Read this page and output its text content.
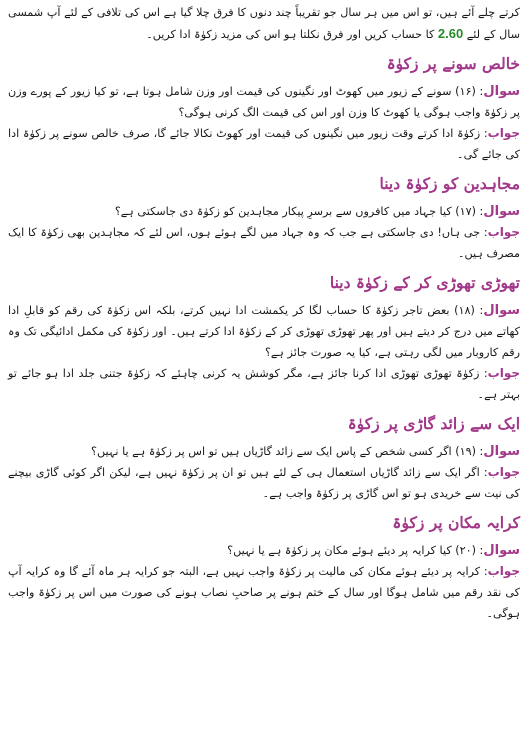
کرتے چلے آئے ہیں، تو اس میں ہر سال جو تقریباً چند دنوں کا فرق چلا گیا ہے اس کی تلافی کے لئے آپ شمسی سال کے لئے 2.60 کا حساب کریں اور فرق نکلتا ہو اس کی مزید زکوٰۃ ادا کریں۔

خالص سونے پر زکوٰۃ

سوال: (۱۶) سونے کے زیور میں کھوٹ اور نگینوں کی قیمت اور وزن شامل ہوتا ہے، تو کیا زیور کے پورے وزن پر زکوٰۃ واجب ہوگی یا کھوٹ کا وزن اور اس کی قیمت الگ کرنی ہوگی؟

جواب: زکوٰۃ ادا کرتے وقت زیور میں نگینوں کی قیمت اور کھوٹ نکالا جائے گا، صرف خالص سونے پر زکوٰۃ ادا کی جائے گی۔

مجاہدین کو زکوٰۃ دینا

سوال: (۱۷) کیا جہاد میں کافروں سے برسرِ پیکار مجاہدین کو زکوٰۃ دی جاسکتی ہے؟

جواب: جی ہاں! دی جاسکتی ہے جب کہ وہ جہاد میں لگے ہوئے ہوں، اس لئے کہ مجاہدین بھی زکوٰۃ کا ایک مصرف ہیں۔

تھوڑی تھوڑی کر کے زکوٰۃ دینا

سوال: (۱۸) بعض تاجر زکوٰۃ کا حساب لگا کر یکمشت ادا نہیں کرتے، بلکہ اس زکوٰۃ کی رقم کو قابلِ ادا کھاتے میں درج کر دیتے ہیں اور پھر تھوڑی تھوڑی کر کے زکوٰۃ ادا کرتے ہیں۔ اور زکوٰۃ کی مکمل ادائیگی تک وہ رقم کاروبار میں لگی رہتی ہے، کیا یہ صورت جائز ہے؟

جواب: زکوٰۃ تھوڑی تھوڑی ادا کرنا جائز ہے، مگر کوشش یہ کرنی چاہئے کہ زکوٰۃ جتنی جلد ادا ہو جائے تو بہتر ہے۔

ایک سے زائد گاڑی پر زکوٰۃ

سوال: (۱۹) اگر کسی شخص کے پاس ایک سے زائد گاڑیاں ہیں تو اس پر زکوٰۃ ہے یا نہیں؟

جواب: اگر ایک سے زائد گاڑیاں استعمال ہی کے لئے ہیں تو ان پر زکوٰۃ نہیں ہے، لیکن اگر کوئی گاڑی بیچنے کی نیت سے خریدی ہو تو اس گاڑی پر زکوٰۃ واجب ہے۔

کرایہ مکان پر زکوٰۃ

سوال: (۲۰) کیا کرایہ پر دیئے ہوئے مکان پر زکوٰۃ ہے یا نہیں؟

جواب: کرایہ پر دیئے ہوئے مکان کی مالیت پر زکوٰۃ واجب نہیں ہے، البتہ جو کرایہ ہر ماہ آئے گا وہ کرایہ آپ کی نقد رقم میں شامل ہوگا اور سال کے ختم ہونے پر صاحبِ نصاب ہونے کی صورت میں اس پر زکوٰۃ واجب ہوگی۔
